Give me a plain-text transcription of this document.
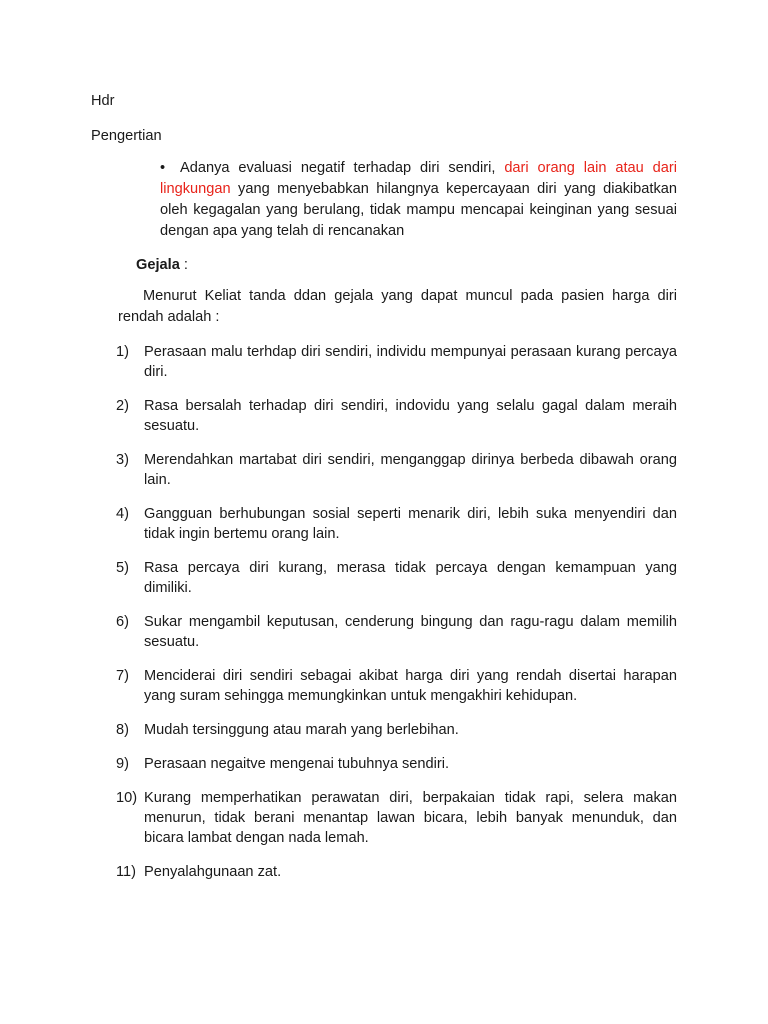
Hdr
Pengertian
• Adanya evaluasi negatif terhadap diri sendiri, dari orang lain atau dari lingkungan yang menyebabkan hilangnya kepercayaan diri yang diakibatkan oleh kegagalan yang berulang, tidak mampu mencapai keinginan yang sesuai dengan apa yang telah di rencanakan
Gejala :
Menurut Keliat tanda ddan gejala yang dapat muncul pada pasien harga diri rendah adalah :
1) Perasaan malu terhdap diri sendiri, individu mempunyai perasaan kurang percaya diri.
2) Rasa bersalah terhadap diri sendiri, indovidu yang selalu gagal dalam meraih sesuatu.
3) Merendahkan martabat diri sendiri, menganggap dirinya berbeda dibawah orang lain.
4) Gangguan berhubungan sosial seperti menarik diri, lebih suka menyendiri dan tidak ingin bertemu orang lain.
5) Rasa percaya diri kurang, merasa tidak percaya dengan kemampuan yang dimiliki.
6) Sukar mengambil keputusan, cenderung bingung dan ragu-ragu dalam memilih sesuatu.
7) Menciderai diri sendiri sebagai akibat harga diri yang rendah disertai harapan yang suram sehingga memungkinkan untuk mengakhiri kehidupan.
8) Mudah tersinggung atau marah yang berlebihan.
9) Perasaan negaitve mengenai tubuhnya sendiri.
10) Kurang memperhatikan perawatan diri, berpakaian tidak rapi, selera makan menurun, tidak berani menantap lawan bicara, lebih banyak menunduk, dan bicara lambat dengan nada lemah.
11) Penyalahgunaan zat.
